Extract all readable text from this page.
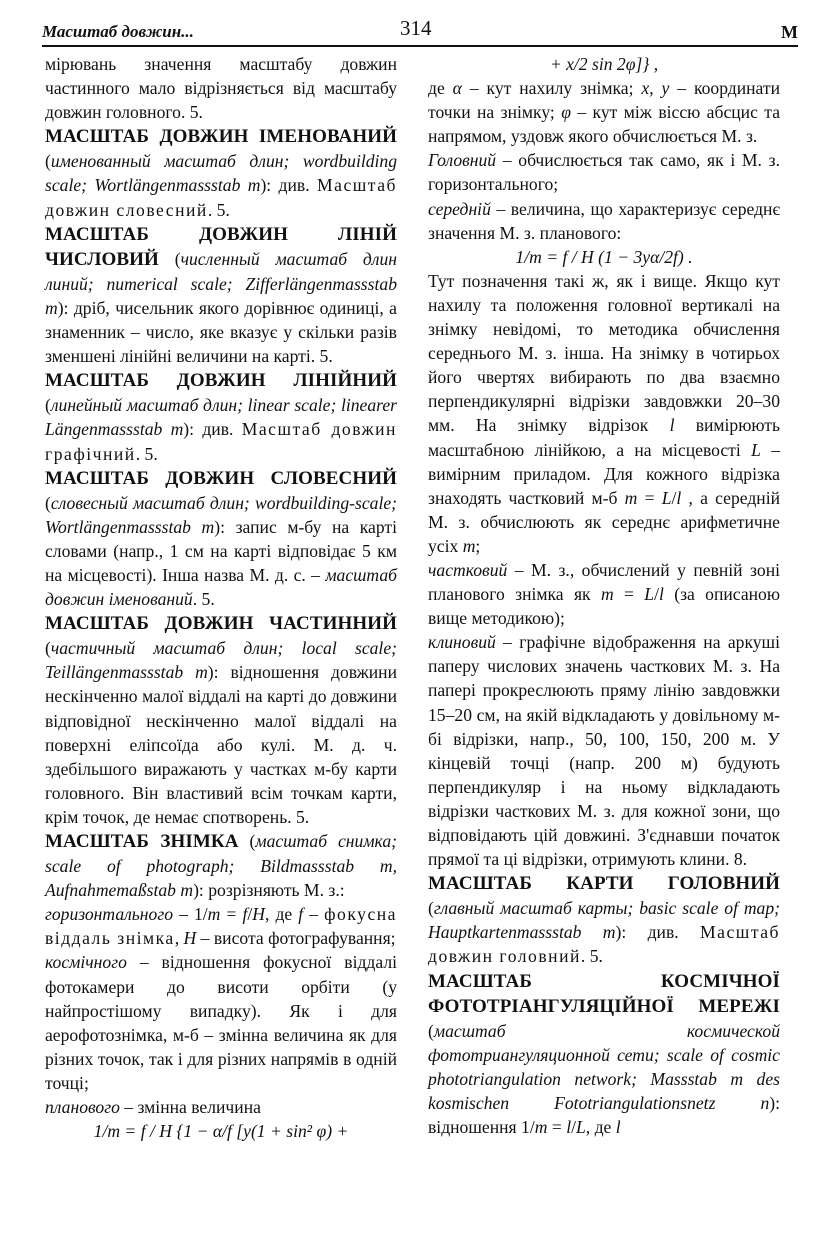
Масштаб довжин...	314	М

мірювань значення масштабу довжин частинного мало відрізняється від масштабу довжин головного. 5.

МАСШТАБ ДОВЖИН ІМЕНОВАНИЙ (именованный масштаб длин; wordbuilding scale; Wortlängenmassstab m): див. Масштаб довжин словесний. 5.

МАСШТАБ ДОВЖИН ЛІНІЙ ЧИСЛОВИЙ (численный масштаб длин линий; numerical scale; Zifferlängenmassstab m): дріб, чисельник якого дорівнює одиниці, а знаменник – число, яке вказує у скільки разів зменшені лінійні величини на карті. 5.

МАСШТАБ ДОВЖИН ЛІНІЙНИЙ (линейный масштаб длин; linear scale; linearer Längenmassstab m): див. Масштаб довжин графічний. 5.

МАСШТАБ ДОВЖИН СЛОВЕСНИЙ (словесный масштаб длин; wordbuilding-scale; Wortlängenmassstab m): запис м-бу на карті словами (напр., 1 см на карті відповідає 5 км на місцевості). Інша назва М. д. с. – масштаб довжин іменований. 5.

МАСШТАБ ДОВЖИН ЧАСТИННИЙ (частичный масштаб длин; local scale; Teillängenmassstab m): відношення довжини нескінченно малої віддалі на карті до довжини відповідної нескінченно малої віддалі на поверхні еліпсоїда або кулі. М. д. ч. здебільшого виражають у частках м-бу карти головного. Він властивий всім точкам карти, крім точок, де немає спотворень. 5.

МАСШТАБ ЗНІМКА (масштаб снимка; scale of photograph; Bildmassstab m, Aufnahmemaßstab m): розрізняють М. з.:

горизонтального – 1/m = f/H, де f – фокусна віддаль знімка, H – висота фотографування;

космічного – відношення фокусної віддалі фотокамери до висоти орбіти (у найпростішому випадку). Як і для аерофотознімка, м-б – змінна величина як для різних точок, так і для різних напрямів в одній точці;

планового – змінна величина

1/m = f / H {1 − α/f [y(1 + sin² φ) +

+ x/2 sin 2φ]} ,

де α – кут нахилу знімка; x, y – координати точки на знімку; φ – кут між віссю абсцис та напрямом, уздовж якого обчислюється М. з.

Головний – обчислюється так само, як і М. з. горизонтального;

середній – величина, що характеризує середнє значення М. з. планового:

1/m = f / H (1 − 3yα/2f) .

Тут позначення такі ж, як і вище. Якщо кут нахилу та положення головної вертикалі на знімку невідомі, то методика обчислення середнього М. з. інша. На знімку в чотирьох його чвертях вибирають по два взаємно перпендикулярні відрізки завдовжки 20–30 мм. На знімку відрізок l вимірюють масштабною лінійкою, а на місцевості L – вимірним приладом. Для кожного відрізка знаходять частковий м-б m = L/l , а середній М. з. обчислюють як середнє арифметичне усіх m;

частковий – М. з., обчислений у певній зоні планового знімка як m = L/l (за описаною вище методикою);

клиновий – графічне відображення на аркуші паперу числових значень часткових М. з. На папері прокреслюють пряму лінію завдовжки 15–20 см, на якій відкладають у довільному м-бі відрізки, напр., 50, 100, 150, 200 м. У кінцевій точці (напр. 200 м) будують перпендикуляр і на ньому відкладають відрізки часткових М. з. для кожної зони, що відповідають цій довжині. З'єднавши початок прямої та ці відрізки, отримують клини. 8.

МАСШТАБ КАРТИ ГОЛОВНИЙ (главный масштаб карты; basic scale of map; Hauptkartenmassstab m): див. Масштаб довжин головний. 5.

МАСШТАБ КОСМІЧНОЇ ФОТОТРІАНГУЛЯЦІЙНОЇ МЕРЕЖІ (масштаб космической фототриангуляционной сети; scale of cosmic phototriangulation network; Massstab m des kosmischen Fototriangulationsnetz n): відношення 1/m = l/L, де l
